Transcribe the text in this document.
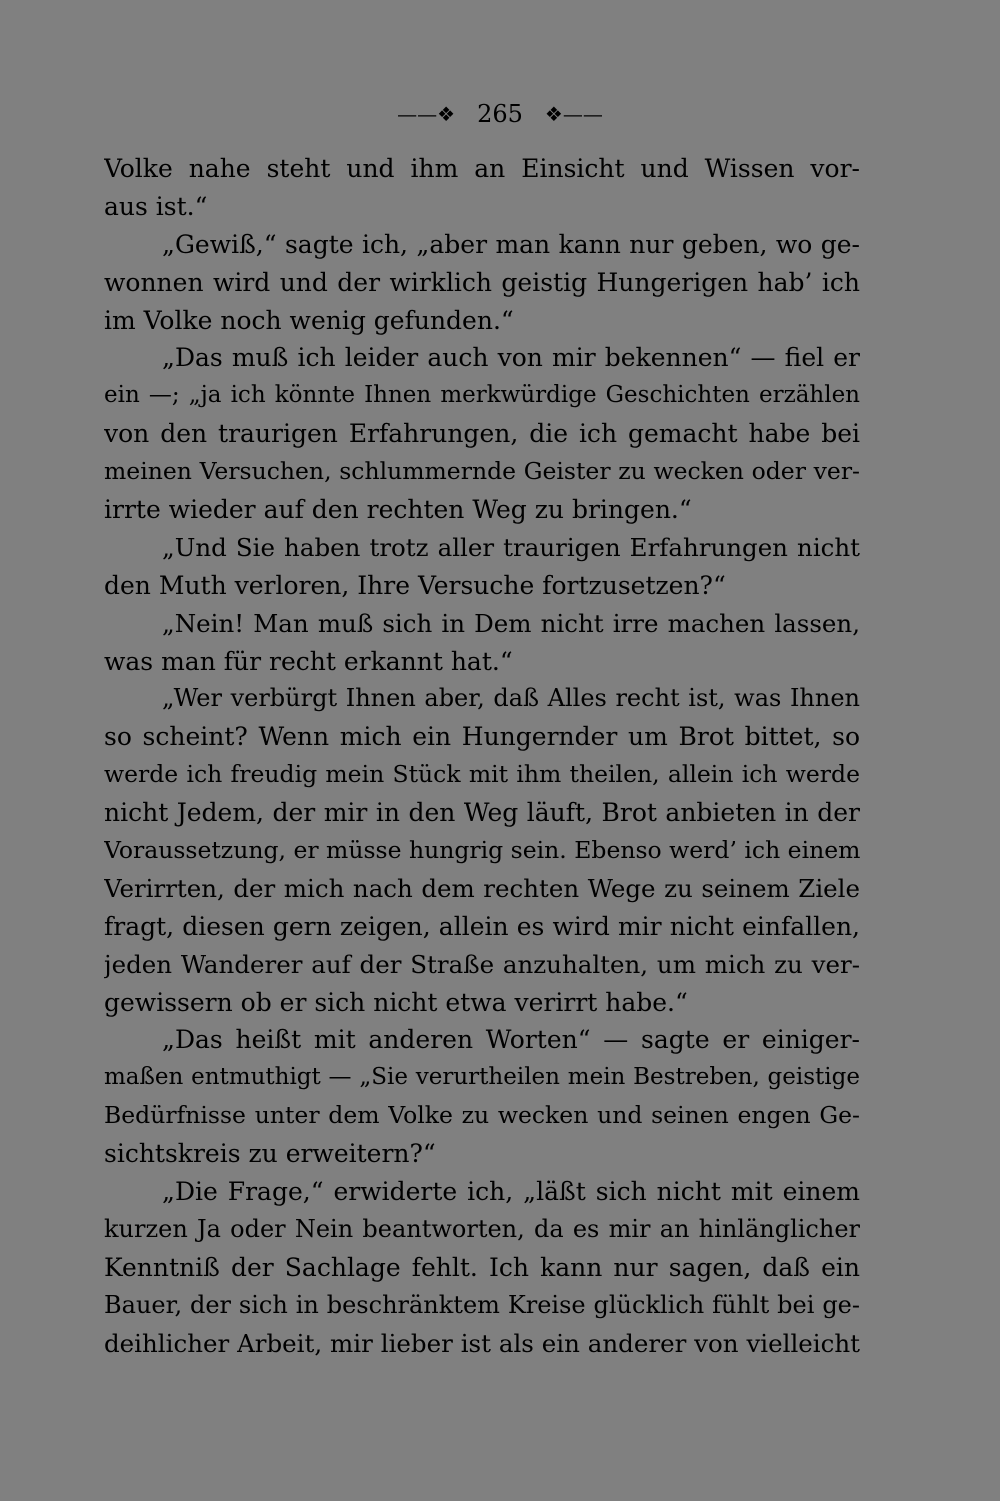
——❖ 265 ❖——
Volke nahe steht und ihm an Einsicht und Wissen vor-
aus ist.“
„Gewiß,“ sagte ich, „aber man kann nur geben, wo ge-
wonnen wird und der wirklich geistig Hungerigen hab’ ich
im Volke noch wenig gefunden.“
„Das muß ich leider auch von mir bekennen“ — fiel er
ein —; „ja ich könnte Ihnen merkwürdige Geschichten erzählen
von den traurigen Erfahrungen, die ich gemacht habe bei
meinen Versuchen, schlummernde Geister zu wecken oder ver-
irrte wieder auf den rechten Weg zu bringen.“
„Und Sie haben trotz aller traurigen Erfahrungen nicht
den Muth verloren, Ihre Versuche fortzusetzen?“
„Nein! Man muß sich in Dem nicht irre machen lassen,
was man für recht erkannt hat.“
„Wer verbürgt Ihnen aber, daß Alles recht ist, was Ihnen
so scheint? Wenn mich ein Hungernder um Brot bittet, so
werde ich freudig mein Stück mit ihm theilen, allein ich werde
nicht Jedem, der mir in den Weg läuft, Brot anbieten in der
Voraussetzung, er müsse hungrig sein. Ebenso werd’ ich einem
Verirrten, der mich nach dem rechten Wege zu seinem Ziele
fragt, diesen gern zeigen, allein es wird mir nicht einfallen,
jeden Wanderer auf der Straße anzuhalten, um mich zu ver-
gewissern ob er sich nicht etwa verirrt habe.“
„Das heißt mit anderen Worten“ — sagte er einiger-
maßen entmuthigt — „Sie verurtheilen mein Bestreben, geistige
Bedürfnisse unter dem Volke zu wecken und seinen engen Ge-
sichtskreis zu erweitern?“
„Die Frage,“ erwiderte ich, „läßt sich nicht mit einem
kurzen Ja oder Nein beantworten, da es mir an hinlänglicher
Kenntniß der Sachlage fehlt. Ich kann nur sagen, daß ein
Bauer, der sich in beschränktem Kreise glücklich fühlt bei ge-
deihlicher Arbeit, mir lieber ist als ein anderer von vielleicht
